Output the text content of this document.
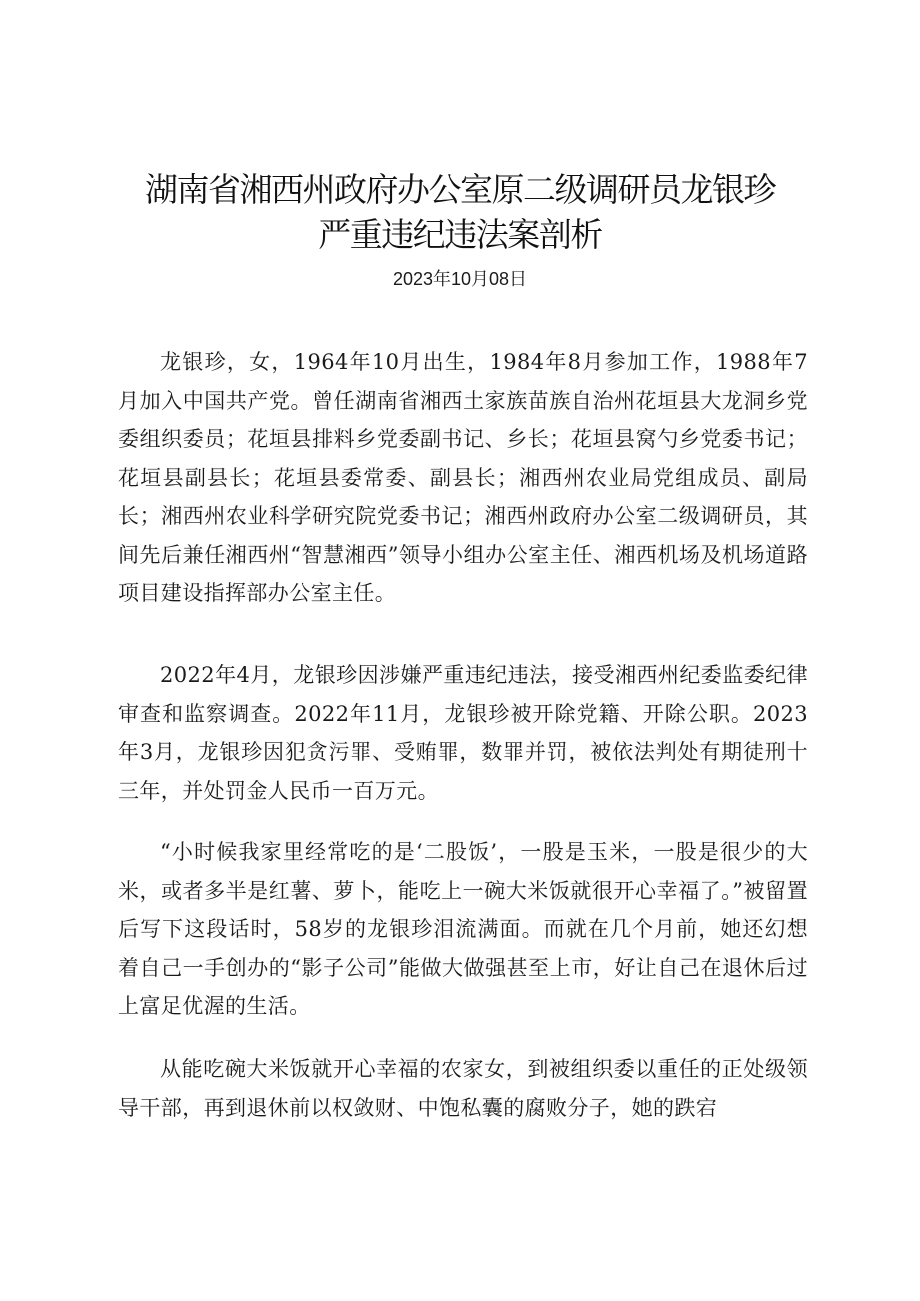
湖南省湘西州政府办公室原二级调研员龙银珍
严重违纪违法案剖析
2023年10月08日

龙银珍，女，1964年10月出生，1984年8月参加工作，1988年7月加入中国共产党。曾任湖南省湘西土家族苗族自治州花垣县大龙洞乡党委组织委员；花垣县排料乡党委副书记、乡长；花垣县窝勺乡党委书记；花垣县副县长；花垣县委常委、副县长；湘西州农业局党组成员、副局长；湘西州农业科学研究院党委书记；湘西州政府办公室二级调研员，其间先后兼任湘西州“智慧湘西”领导小组办公室主任、湘西机场及机场道路项目建设指挥部办公室主任。

2022年4月，龙银珍因涉嫌严重违纪违法，接受湘西州纪委监委纪律审查和监察调查。2022年11月，龙银珍被开除党籍、开除公职。2023年3月，龙银珍因犯贪污罪、受贿罪，数罪并罚，被依法判处有期徒刑十三年，并处罚金人民币一百万元。

“小时候我家里经常吃的是‘二股饭’，一股是玉米，一股是很少的大米，或者多半是红薯、萝卜，能吃上一碗大米饭就很开心幸福了。”被留置后写下这段话时，58岁的龙银珍泪流满面。而就在几个月前，她还幻想着自己一手创办的“影子公司”能做大做强甚至上市，好让自己在退休后过上富足优渥的生活。

从能吃碗大米饭就开心幸福的农家女，到被组织委以重任的正处级领导干部，再到退休前以权敛财、中饱私囊的腐败分子，她的跌宕
